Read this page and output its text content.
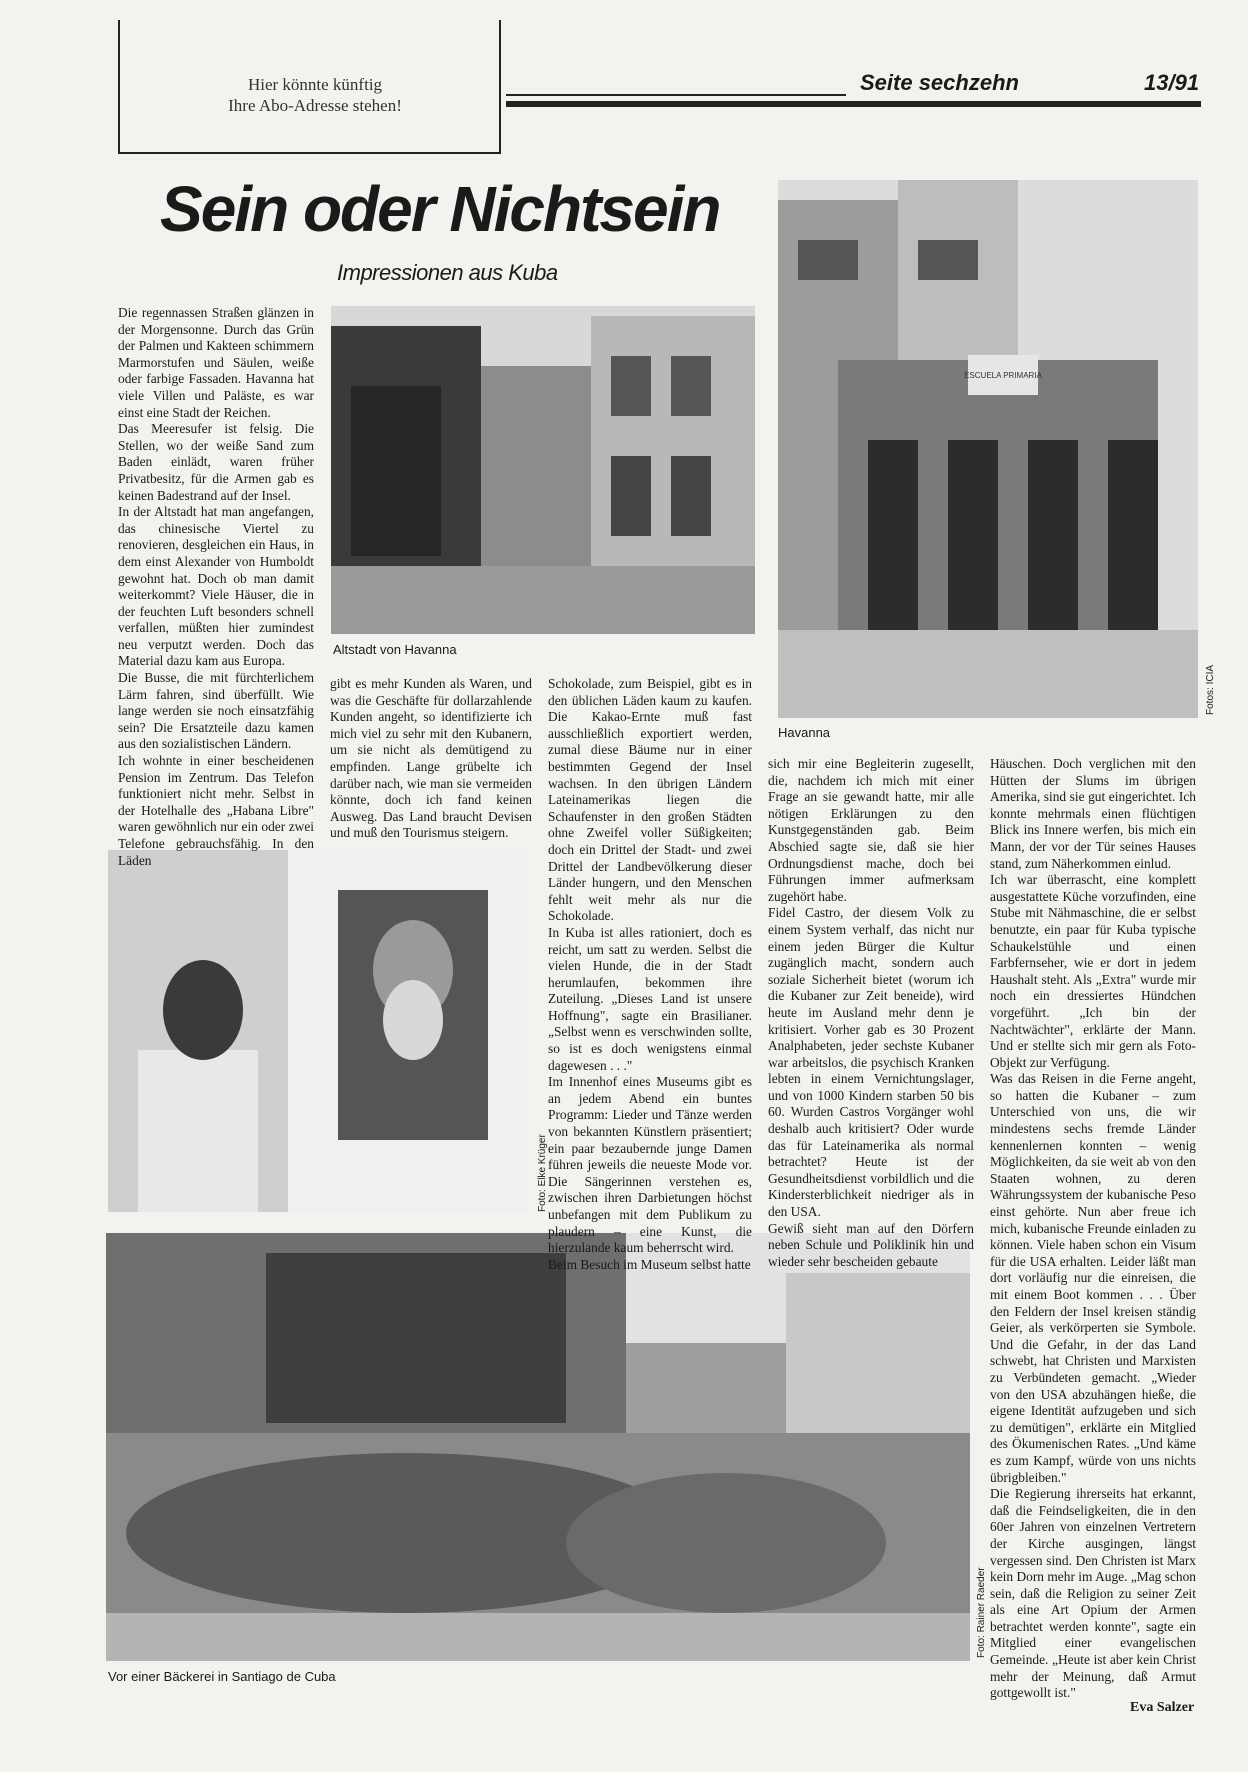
Hier könnte künftig
Ihre Abo-Adresse stehen!
Seite sechzehn	13/91
Sein oder Nichtsein
Impressionen aus Kuba
Altstadt von Havanna
ESCUELA PRIMARIA
Havanna
Fotos: ICIA
Foto: Elke Krüger
Vor einer Bäckerei in Santiago de Cuba
Foto: Rainer Raeder

Die regennassen Straßen glänzen in der Morgensonne. Durch das Grün der Palmen und Kakteen schimmern Marmorstufen und Säulen, weiße oder farbige Fassaden. Havanna hat viele Villen und Paläste, es war einst eine Stadt der Reichen.

Das Meeresufer ist felsig. Die Stellen, wo der weiße Sand zum Baden einlädt, waren früher Privatbesitz, für die Armen gab es keinen Badestrand auf der Insel.

In der Altstadt hat man angefangen, das chinesische Viertel zu renovieren, desgleichen ein Haus, in dem einst Alexander von Humboldt gewohnt hat. Doch ob man damit weiterkommt? Viele Häuser, die in der feuchten Luft besonders schnell verfallen, müßten hier zumindest neu verputzt werden. Doch das Material dazu kam aus Europa.

Die Busse, die mit fürchterlichem Lärm fahren, sind überfüllt. Wie lange werden sie noch einsatzfähig sein? Die Ersatzteile dazu kamen aus den sozialistischen Ländern.

Ich wohnte in einer bescheidenen Pension im Zentrum. Das Telefon funktioniert nicht mehr. Selbst in der Hotelhalle des „Habana Libre" waren gewöhnlich nur ein oder zwei Telefone gebrauchsfähig. In den Läden

gibt es mehr Kunden als Waren, und was die Geschäfte für dollarzahlende Kunden angeht, so identifizierte ich mich viel zu sehr mit den Kubanern, um sie nicht als demütigend zu empfinden. Lange grübelte ich darüber nach, wie man sie vermeiden könnte, doch ich fand keinen Ausweg. Das Land braucht Devisen und muß den Tourismus steigern.

Schokolade, zum Beispiel, gibt es in den üblichen Läden kaum zu kaufen. Die Kakao-Ernte muß fast ausschließlich exportiert werden, zumal diese Bäume nur in einer bestimmten Gegend der Insel wachsen. In den übrigen Ländern Lateinamerikas liegen die Schaufenster in den großen Städten ohne Zweifel voller Süßigkeiten; doch ein Drittel der Stadt- und zwei Drittel der Landbevölkerung dieser Länder hungern, und den Menschen fehlt weit mehr als nur die Schokolade.

In Kuba ist alles rationiert, doch es reicht, um satt zu werden. Selbst die vielen Hunde, die in der Stadt herumlaufen, bekommen ihre Zuteilung. „Dieses Land ist unsere Hoffnung", sagte ein Brasilianer. „Selbst wenn es verschwinden sollte, so ist es doch wenigstens einmal dagewesen . . ."

Im Innenhof eines Museums gibt es an jedem Abend ein buntes Programm: Lieder und Tänze werden von bekannten Künstlern präsentiert; ein paar bezaubernde junge Damen führen jeweils die neueste Mode vor. Die Sängerinnen verstehen es, zwischen ihren Darbietungen höchst unbefangen mit dem Publikum zu plaudern – eine Kunst, die hierzulande kaum beherrscht wird.

Beim Besuch im Museum selbst hatte

sich mir eine Begleiterin zugesellt, die, nachdem ich mich mit einer Frage an sie gewandt hatte, mir alle nötigen Erklärungen zu den Kunstgegenständen gab. Beim Abschied sagte sie, daß sie hier Ordnungsdienst mache, doch bei Führungen immer aufmerksam zugehört habe.

Fidel Castro, der diesem Volk zu einem System verhalf, das nicht nur einem jeden Bürger die Kultur zugänglich macht, sondern auch soziale Sicherheit bietet (worum ich die Kubaner zur Zeit beneide), wird heute im Ausland mehr denn je kritisiert. Vorher gab es 30 Prozent Analphabeten, jeder sechste Kubaner war arbeitslos, die psychisch Kranken lebten in einem Vernichtungslager, und von 1000 Kindern starben 50 bis 60. Wurden Castros Vorgänger wohl deshalb auch kritisiert? Oder wurde das für Lateinamerika als normal betrachtet? Heute ist der Gesundheitsdienst vorbildlich und die Kindersterblichkeit niedriger als in den USA.

Gewiß sieht man auf den Dörfern neben Schule und Poliklinik hin und wieder sehr bescheiden gebaute

Häuschen. Doch verglichen mit den Hütten der Slums im übrigen Amerika, sind sie gut eingerichtet. Ich konnte mehrmals einen flüchtigen Blick ins Innere werfen, bis mich ein Mann, der vor der Tür seines Hauses stand, zum Näherkommen einlud.

Ich war überrascht, eine komplett ausgestattete Küche vorzufinden, eine Stube mit Nähmaschine, die er selbst benutzte, ein paar für Kuba typische Schaukelstühle und einen Farbfernseher, wie er dort in jedem Haushalt steht. Als „Extra" wurde mir noch ein dressiertes Hündchen vorgeführt. „Ich bin der Nachtwächter", erklärte der Mann. Und er stellte sich mir gern als Foto-Objekt zur Verfügung.

Was das Reisen in die Ferne angeht, so hatten die Kubaner – zum Unterschied von uns, die wir mindestens sechs fremde Länder kennenlernen konnten – wenig Möglichkeiten, da sie weit ab von den Staaten wohnen, zu deren Währungssystem der kubanische Peso einst gehörte. Nun aber freue ich mich, kubanische Freunde einladen zu können. Viele haben schon ein Visum für die USA erhalten. Leider läßt man dort vorläufig nur die einreisen, die mit einem Boot kommen . . . Über den Feldern der Insel kreisen ständig Geier, als verkörperten sie Symbole. Und die Gefahr, in der das Land schwebt, hat Christen und Marxisten zu Verbündeten gemacht. „Wieder von den USA abzuhängen hieße, die eigene Identität aufzugeben und sich zu demütigen", erklärte ein Mitglied des Ökumenischen Rates. „Und käme es zum Kampf, würde von uns nichts übrigbleiben."

Die Regierung ihrerseits hat erkannt, daß die Feindseligkeiten, die in den 60er Jahren von einzelnen Vertretern der Kirche ausgingen, längst vergessen sind. Den Christen ist Marx kein Dorn mehr im Auge. „Mag schon sein, daß die Religion zu seiner Zeit als eine Art Opium der Armen betrachtet werden konnte", sagte ein Mitglied einer evangelischen Gemeinde. „Heute ist aber kein Christ mehr der Meinung, daß Armut gottgewollt ist."

Eva Salzer
